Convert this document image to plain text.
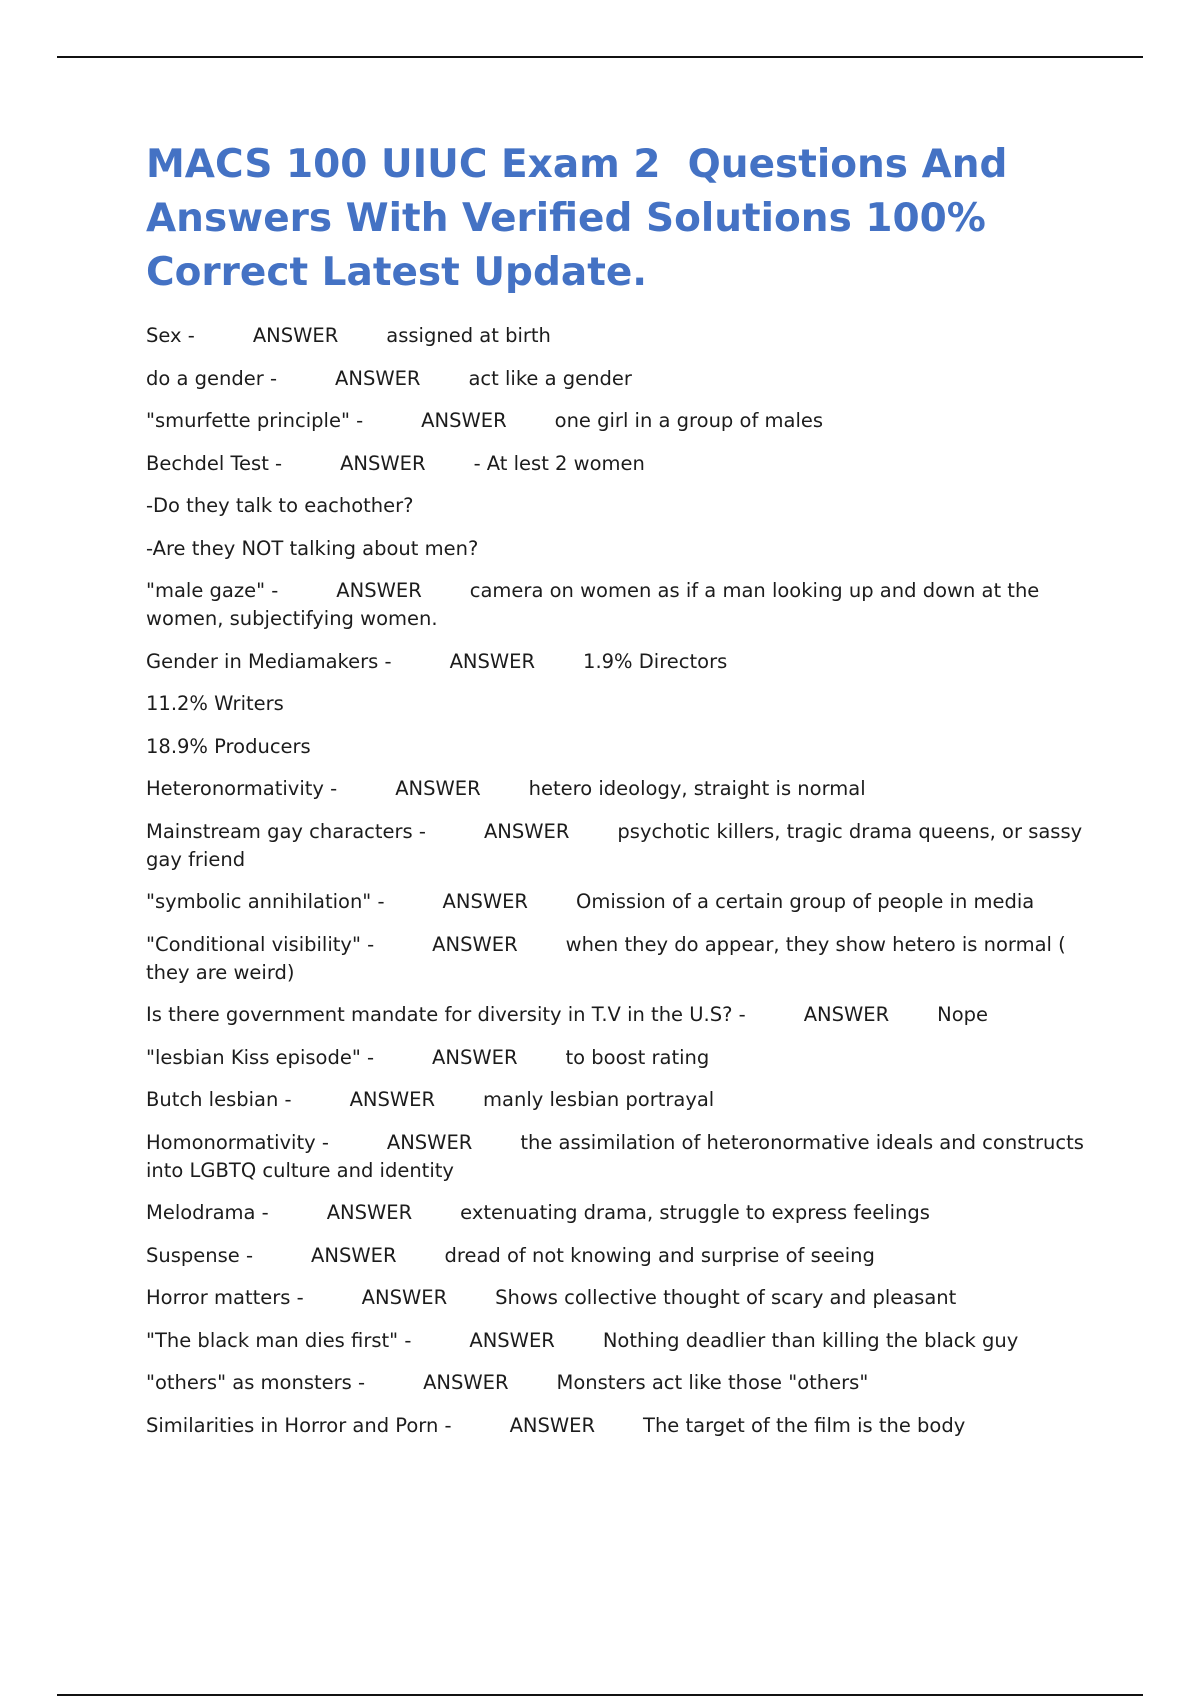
MACS 100 UIUC Exam 2  Questions And Answers With Verified Solutions 100% Correct Latest Update.

Sex -	ANSWER assigned at birth

do a gender -	ANSWER act like a gender

"smurfette principle" -	ANSWER one girl in a group of males

Bechdel Test -	ANSWER - At lest 2 women

-Do they talk to eachother?

-Are they NOT talking about men?

"male gaze" -	ANSWER camera on women as if a man looking up and down at the women, subjectifying women.

Gender in Mediamakers -	ANSWER 1.9% Directors

11.2% Writers

18.9% Producers

Heteronormativity -	ANSWER hetero ideology, straight is normal

Mainstream gay characters -	ANSWER psychotic killers, tragic drama queens, or sassy gay friend

"symbolic annihilation" -	ANSWER Omission of a certain group of people in media

"Conditional visibility" -	ANSWER when they do appear, they show hetero is normal ( they are weird)

Is there government mandate for diversity in T.V in the U.S? -	ANSWER Nope

"lesbian Kiss episode" -	ANSWER to boost rating

Butch lesbian -	ANSWER manly lesbian portrayal

Homonormativity -	ANSWER the assimilation of heteronormative ideals and constructs into LGBTQ culture and identity

Melodrama -	ANSWER extenuating drama, struggle to express feelings

Suspense -	ANSWER dread of not knowing and surprise of seeing

Horror matters -	ANSWER Shows collective thought of scary and pleasant

"The black man dies first" -	ANSWER Nothing deadlier than killing the black guy

"others" as monsters -	ANSWER Monsters act like those "others"

Similarities in Horror and Porn -	ANSWER The target of the film is the body
